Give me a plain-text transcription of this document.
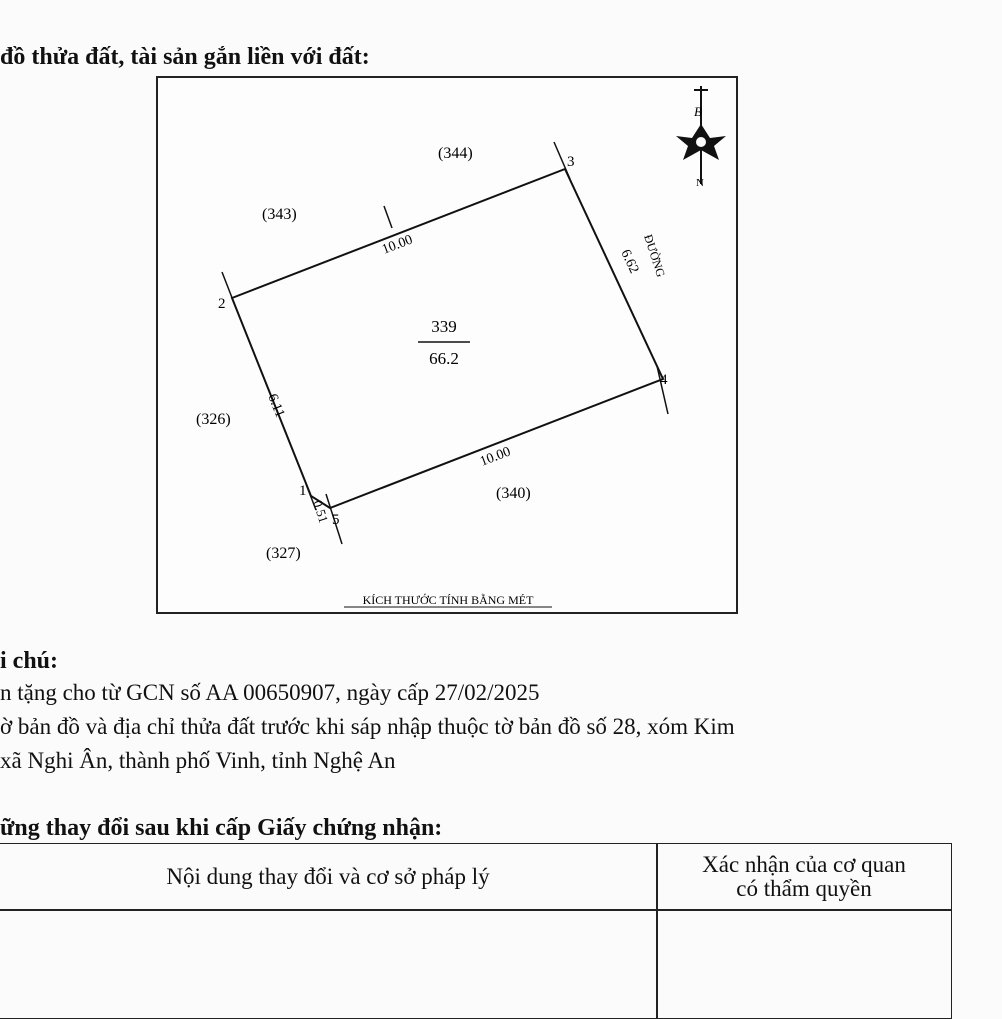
đồ thửa đất, tài sản gắn liền với đất:
(344)
(343)
(326)
(327)
(340)
339
66.2
2
3
4
1
5
10.00
6.62
10.00
6.11
0.51
ĐƯỜNG
B
N
KÍCH THƯỚC TÍNH BẰNG MÉT
i chú:
n tặng cho từ GCN số AA 00650907, ngày cấp 27/02/2025
ờ bản đồ và địa chỉ thửa đất trước khi sáp nhập thuộc tờ bản đồ số 28, xóm Kim
xã Nghi Ân, thành phố Vinh, tỉnh Nghệ An
ững thay đổi sau khi cấp Giấy chứng nhận:
Nội dung thay đổi và cơ sở pháp lý	Xác nhận của cơ quan
có thẩm quyền
